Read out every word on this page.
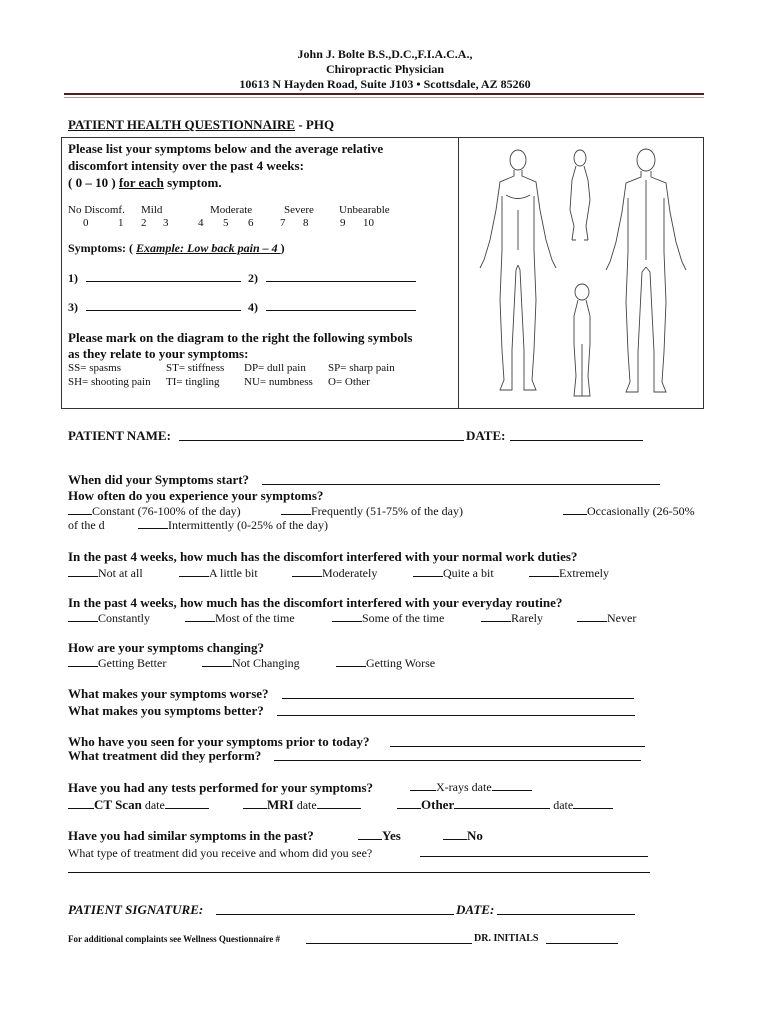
John J. Bolte B.S.,D.C.,F.I.A.C.A.,
Chiropractic Physician
10613 N Hayden Road, Suite J103 • Scottsdale, AZ 85260
PATIENT HEALTH QUESTIONNAIRE - PHQ
Please list your symptoms below and the average relative
discomfort intensity over the past 4 weeks:
( 0 – 10 ) for each symptom.
No Discomf. Mild	Moderate	Severe Unbearable
0	1 2 3	4 5 6 7 8	9 10
Symptoms: ( Example: Low back pain – 4 )
1)	2)
3)	4)
Please mark on the diagram to the right the following symbols
as they relate to your symptoms:
SS= spasms	ST= stiffness DP= dull pain SP= sharp pain
SH= shooting pain TI= tingling NU= numbness O= Other
PATIENT NAME:	DATE:
When did your Symptoms start?
How often do you experience your symptoms?
Constant (76-100% of the day)	Frequently (51-75% of the day)	Occasionally (26-50%
of the d	Intermittently (0-25% of the day)
In the past 4 weeks, how much has the discomfort interfered with your normal work duties?
Not at all	A little bit	Moderately	Quite a bit	Extremely
In the past 4 weeks, how much has the discomfort interfered with your everyday routine?
Constantly	Most of the time	Some of the time	Rarely	Never
How are your symptoms changing?
Getting Better	Not Changing	Getting Worse
What makes your symptoms worse?
What makes you symptoms better?
Who have you seen for your symptoms prior to today?
What treatment did they perform?
Have you had any tests performed for your symptoms?	X-rays date
CT Scan date	MRI date	Other	date
Have you had similar symptoms in the past?	Yes	No
What type of treatment did you receive and whom did you see?
PATIENT SIGNATURE:	DATE:
For additional complaints see Wellness Questionnaire #	DR. INITIALS
